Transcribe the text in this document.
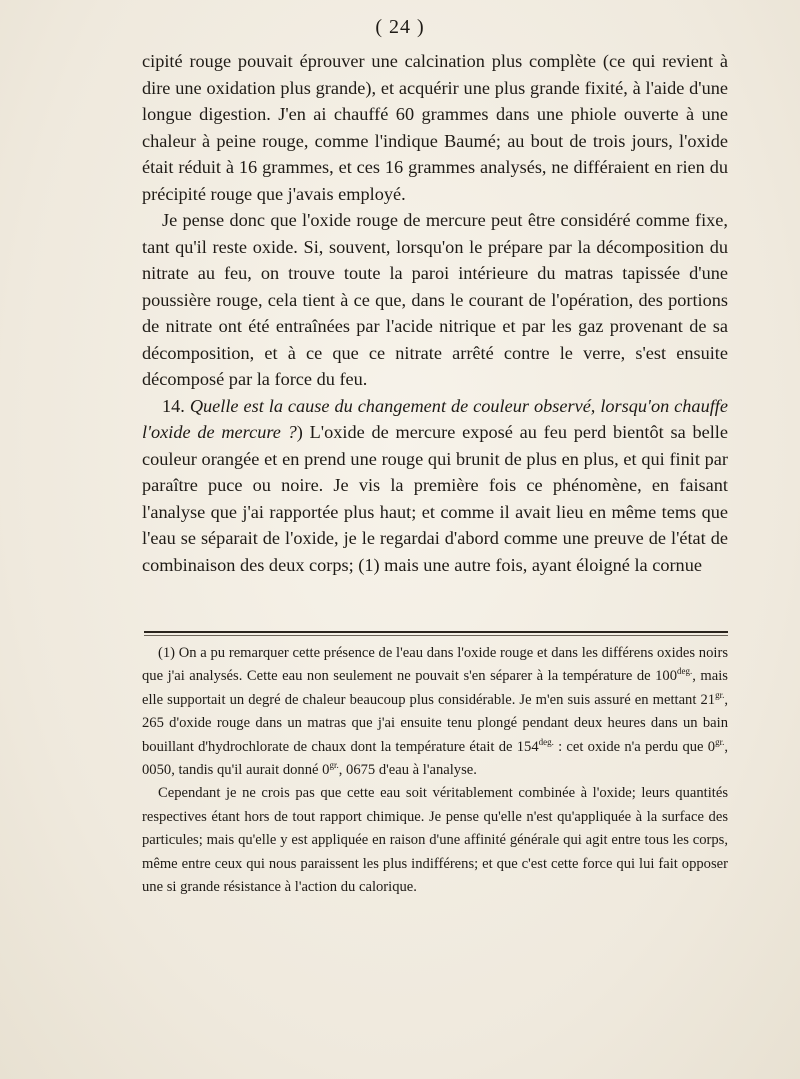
( 24 )

cipité rouge pouvait éprouver une calcination plus complète (ce qui revient à dire une oxidation plus grande), et acquérir une plus grande fixité, à l'aide d'une longue digestion. J'en ai chauffé 60 grammes dans une phiole ouverte à une chaleur à peine rouge, comme l'indique Baumé; au bout de trois jours, l'oxide était réduit à 16 grammes, et ces 16 grammes analysés, ne différaient en rien du précipité rouge que j'avais employé.

Je pense donc que l'oxide rouge de mercure peut être considéré comme fixe, tant qu'il reste oxide. Si, souvent, lorsqu'on le prépare par la décomposition du nitrate au feu, on trouve toute la paroi intérieure du matras tapissée d'une poussière rouge, cela tient à ce que, dans le courant de l'opération, des portions de nitrate ont été entraînées par l'acide nitrique et par les gaz provenant de sa décomposition, et à ce que ce nitrate arrêté contre le verre, s'est ensuite décomposé par la force du feu.

14. Quelle est la cause du changement de couleur observé, lorsqu'on chauffe l'oxide de mercure ?) L'oxide de mercure exposé au feu perd bientôt sa belle couleur orangée et en prend une rouge qui brunit de plus en plus, et qui finit par paraître puce ou noire. Je vis la première fois ce phénomène, en faisant l'analyse que j'ai rapportée plus haut; et comme il avait lieu en même tems que l'eau se séparait de l'oxide, je le regardai d'abord comme une preuve de l'état de combinaison des deux corps; (1) mais une autre fois, ayant éloigné la cornue

(1) On a pu remarquer cette présence de l'eau dans l'oxide rouge et dans les différens oxides noirs que j'ai analysés. Cette eau non seulement ne pouvait s'en séparer à la température de $100^{deg.}$, mais elle supportait un degré de chaleur beaucoup plus considérable. Je m'en suis assuré en mettant $21^{gr.}$, 265 d'oxide rouge dans un matras que j'ai ensuite tenu plongé pendant deux heures dans un bain bouillant d'hydrochlorate de chaux dont la température était de $154^{deg.}$ : cet oxide n'a perdu que $0^{gr.}$, 0050, tandis qu'il aurait donné $0^{gr.}$, 0675 d'eau à l'analyse.

Cependant je ne crois pas que cette eau soit véritablement combinée à l'oxide; leurs quantités respectives étant hors de tout rapport chimique. Je pense qu'elle n'est qu'appliquée à la surface des particules; mais qu'elle y est appliquée en raison d'une affinité générale qui agit entre tous les corps, même entre ceux qui nous paraissent les plus indifférens; et que c'est cette force qui lui fait opposer une si grande résistance à l'action du calorique.
